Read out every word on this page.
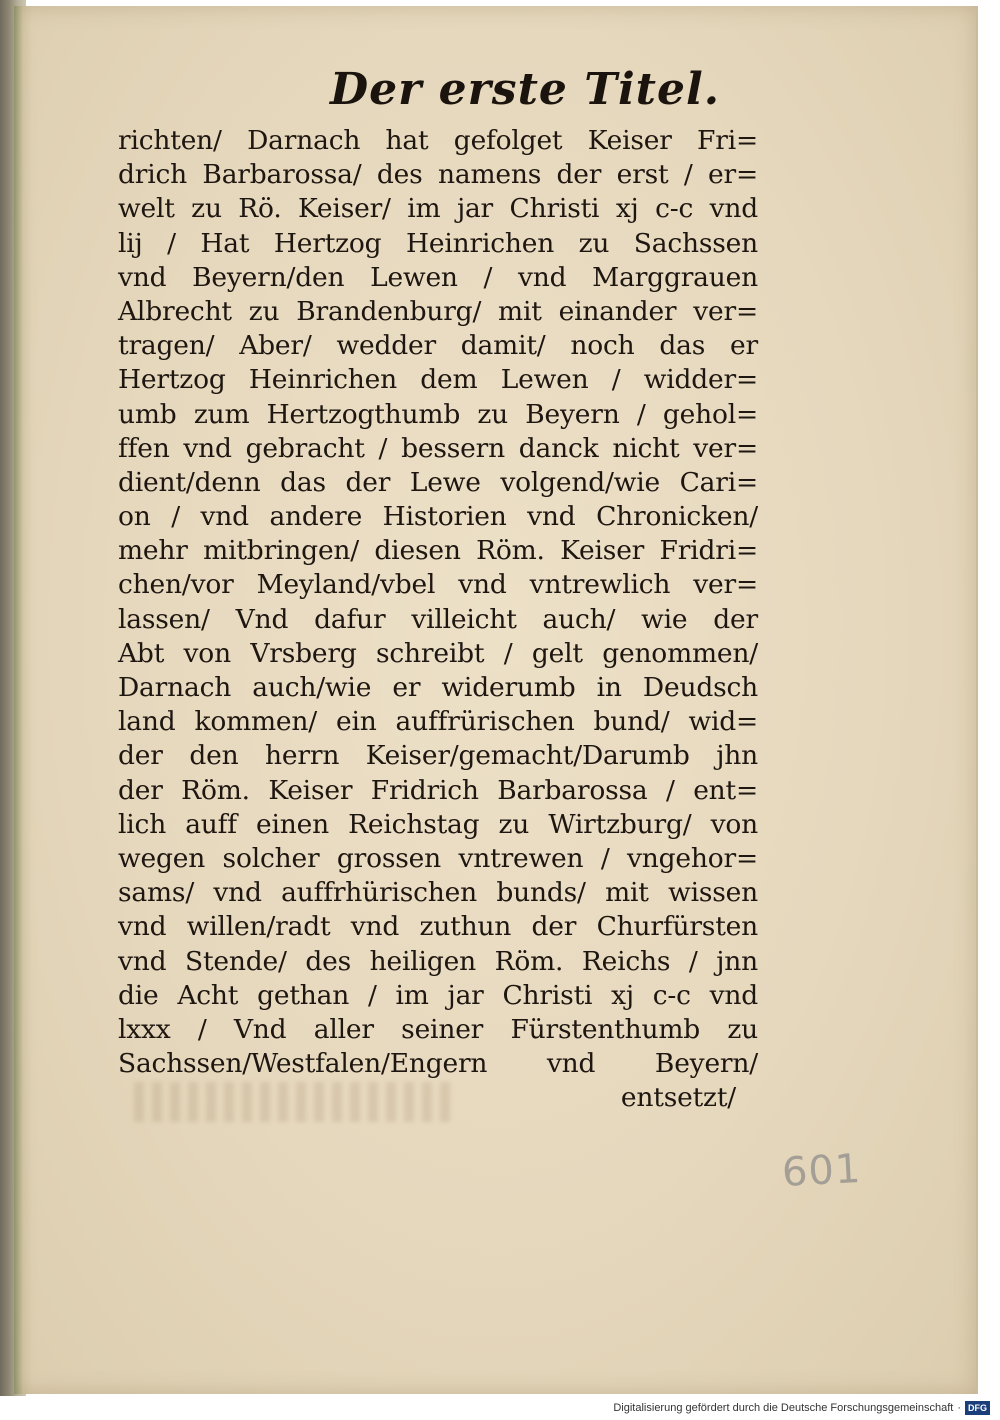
Der erste Titel.
richten/ Darnach hat gefolget Keiser Fri=
drich Barbarossa/ des namens der erst / er=
welt zu Rö. Keiser/ im jar Christi xj c-c vnd
lij / Hat Hertzog Heinrichen zu Sachssen
vnd Beyern/den Lewen / vnd Marggrauen
Albrecht zu Brandenburg/ mit einander ver=
tragen/ Aber/ wedder damit/ noch das er
Hertzog Heinrichen dem Lewen / widder=
umb zum Hertzogthumb zu Beyern / gehol=
ffen vnd gebracht / bessern danck nicht ver=
dient/denn das der Lewe volgend/wie Cari=
on / vnd andere Historien vnd Chronicken/
mehr mitbringen/ diesen Röm. Keiser Fridri=
chen/vor Meyland/vbel vnd vntrewlich ver=
lassen/ Vnd dafur villeicht auch/ wie der
Abt von Vrsberg schreibt / gelt genommen/
Darnach auch/wie er widerumb in Deudsch
land kommen/ ein auffrürischen bund/ wid=
der den herrn Keiser/gemacht/Darumb jhn
der Röm. Keiser Fridrich Barbarossa / ent=
lich auff einen Reichstag zu Wirtzburg/ von
wegen solcher grossen vntrewen / vngehor=
sams/ vnd auffrhürischen bunds/ mit wissen
vnd willen/radt vnd zuthun der Churfürsten
vnd Stende/ des heiligen Röm. Reichs / jnn
die Acht gethan / im jar Christi xj c-c vnd
lxxx / Vnd aller seiner Fürstenthumb zu
Sachssen/Westfalen/Engern vnd Beyern/
entsetzt/
601
Digitalisierung gefördert durch die Deutsche Forschungsgemeinschaft · DFG
